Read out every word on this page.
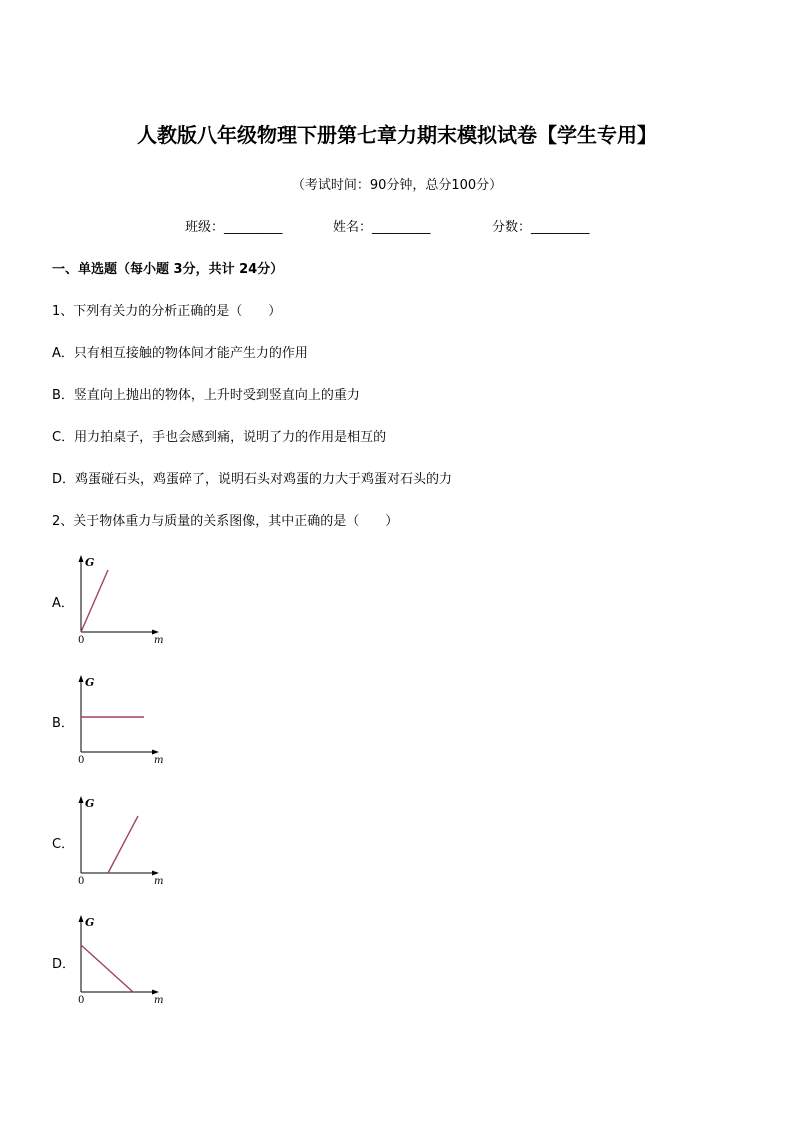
人教版八年级物理下册第七章力期末模拟试卷【学生专用】
（考试时间：90分钟，总分100分）
班级：_________	姓名：_________	分数：_________
一、单选题（每小题 3分，共计 24分）
1、下列有关力的分析正确的是（　　）
A．只有相互接触的物体间才能产生力的作用
B．竖直向上抛出的物体，上升时受到竖直向上的重力
C．用力拍桌子，手也会感到痛，说明了力的作用是相互的
D．鸡蛋碰石头，鸡蛋碎了，说明石头对鸡蛋的力大于鸡蛋对石头的力
2、关于物体重力与质量的关系图像，其中正确的是（　　）
A．
G
m
0
B．
G
m
0
C．
G
m
0
D．
G
m
0
